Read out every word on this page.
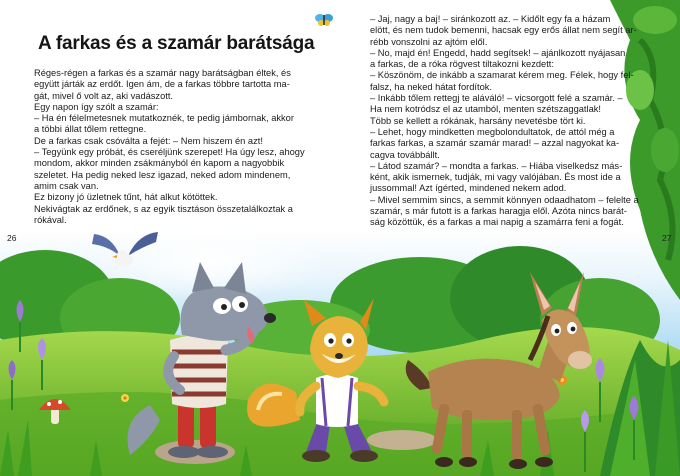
A farkas és a szamár barátsága

Réges-régen a farkas és a szamár nagy barátságban éltek, és

együtt járták az erdőt. Igen ám, de a farkas többre tartotta ma-

gát, mivel ő volt az, aki vadászott.

Egy napon így szólt a szamár:

– Ha én félelmetesnek mutatkoznék, te pedig jámbornak, akkor

a többi állat tőlem rettegne.

De a farkas csak csóválta a fejét: – Nem hiszem én azt!

– Tegyünk egy próbát, és cseréljünk szerepet! Ha úgy lesz, ahogy

mondom, akkor minden zsákmányból én kapom a nagyobbik

szeletet. Ha pedig neked lesz igazad, neked adom mindenem,

amim csak van.

Ez bizony jó üzletnek tűnt, hát alkut kötöttek.

Nekivágtak az erdőnek, s az egyik tisztáson összetalálkoztak a

rókával.

– Jaj, nagy a baj! – siránkozott az. – Kidőlt egy fa a házam

elött, és nem tudok bemenni, hacsak egy erős állat nem segít ar-

rébb vonszolni az ajtóm elől.

– No, majd én! Engedd, hadd segítsek! – ajánlkozott nyájasan

a farkas, de a róka rögvest tiltakozni kezdett:

– Köszönöm, de inkább a szamarat kérem meg. Félek, hogy fel-

falsz, ha neked hátat fordítok.

– Inkább tőlem rettegj te aláváló! – vicsorgott felé a szamár. –

Ha nem kotródsz el az utamból, menten szétszaggatlak!

Több se kellett a rókának, harsány nevetésbe tört ki.

– Lehet, hogy mindketten megbolondultatok, de attól még a

farkas farkas, a szamár szamár marad! – azzal nagyokat ka-

cagva továbbállt.

– Látod szamár? – mondta a farkas. – Hiába viselkedsz más-

ként, akik ismernek, tudják, mi vagy valójában. És most ide a

jussommal! Azt ígérted, mindened nekem adod.

– Mivel semmim sincs, a semmit könnyen odaadhatom – felelte a

szamár, s már futott is a farkas haragja elől. Azóta nincs barát-

ság közöttük, és a farkas a mai napig a szamárra feni a fogát.

26	27
